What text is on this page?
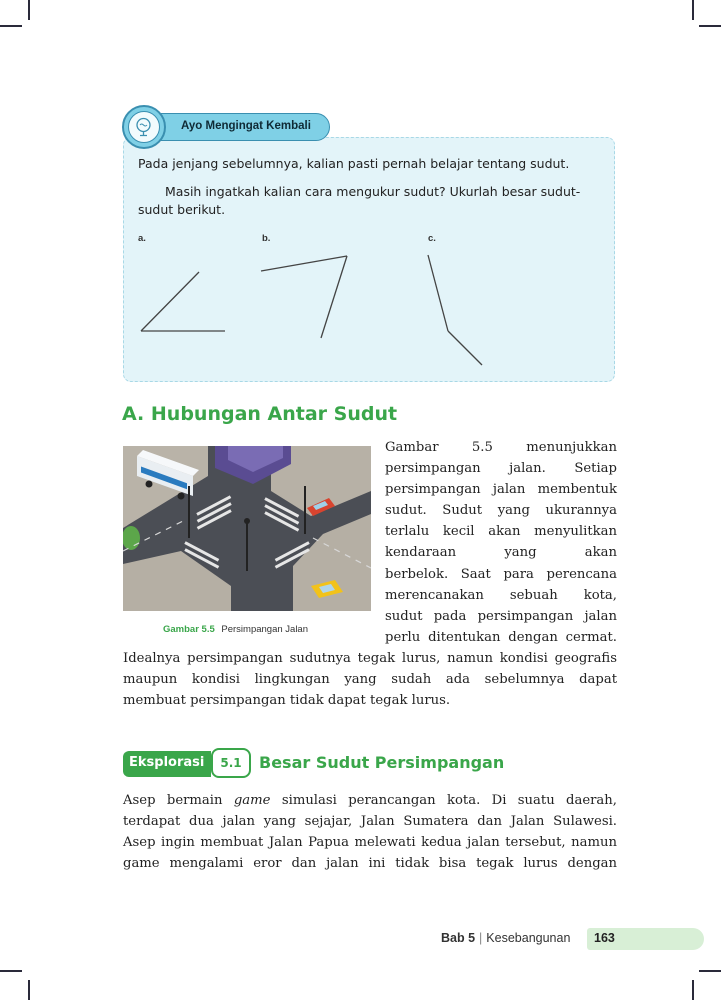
Ayo Mengingat Kembali
Pada jenjang sebelumnya, kalian pasti pernah belajar tentang sudut.
Masih ingatkah kalian cara mengukur sudut? Ukurlah besar sudut-
sudut berikut.
a.	b.	c.
A. Hubungan Antar Sudut
Gambar 5.5 Persimpangan Jalan
Gambar 5.5 menunjukkan
persimpangan jalan. Setiap
persimpangan jalan membentuk
sudut. Sudut yang ukurannya
terlalu kecil akan menyulitkan
kendaraan yang akan
berbelok. Saat para perencana
merencanakan sebuah kota,
sudut pada persimpangan jalan
perlu ditentukan dengan cermat.
Idealnya persimpangan sudutnya tegak lurus, namun kondisi geografis
maupun kondisi lingkungan yang sudah ada sebelumnya dapat
membuat persimpangan tidak dapat tegak lurus.
Eksplorasi	5.1	Besar Sudut Persimpangan
Asep bermain game simulasi perancangan kota. Di suatu daerah,
terdapat dua jalan yang sejajar, Jalan Sumatera dan Jalan Sulawesi.
Asep ingin membuat Jalan Papua melewati kedua jalan tersebut, namun
game mengalami eror dan jalan ini tidak bisa tegak lurus dengan
Bab 5 | Kesebangunan 163
